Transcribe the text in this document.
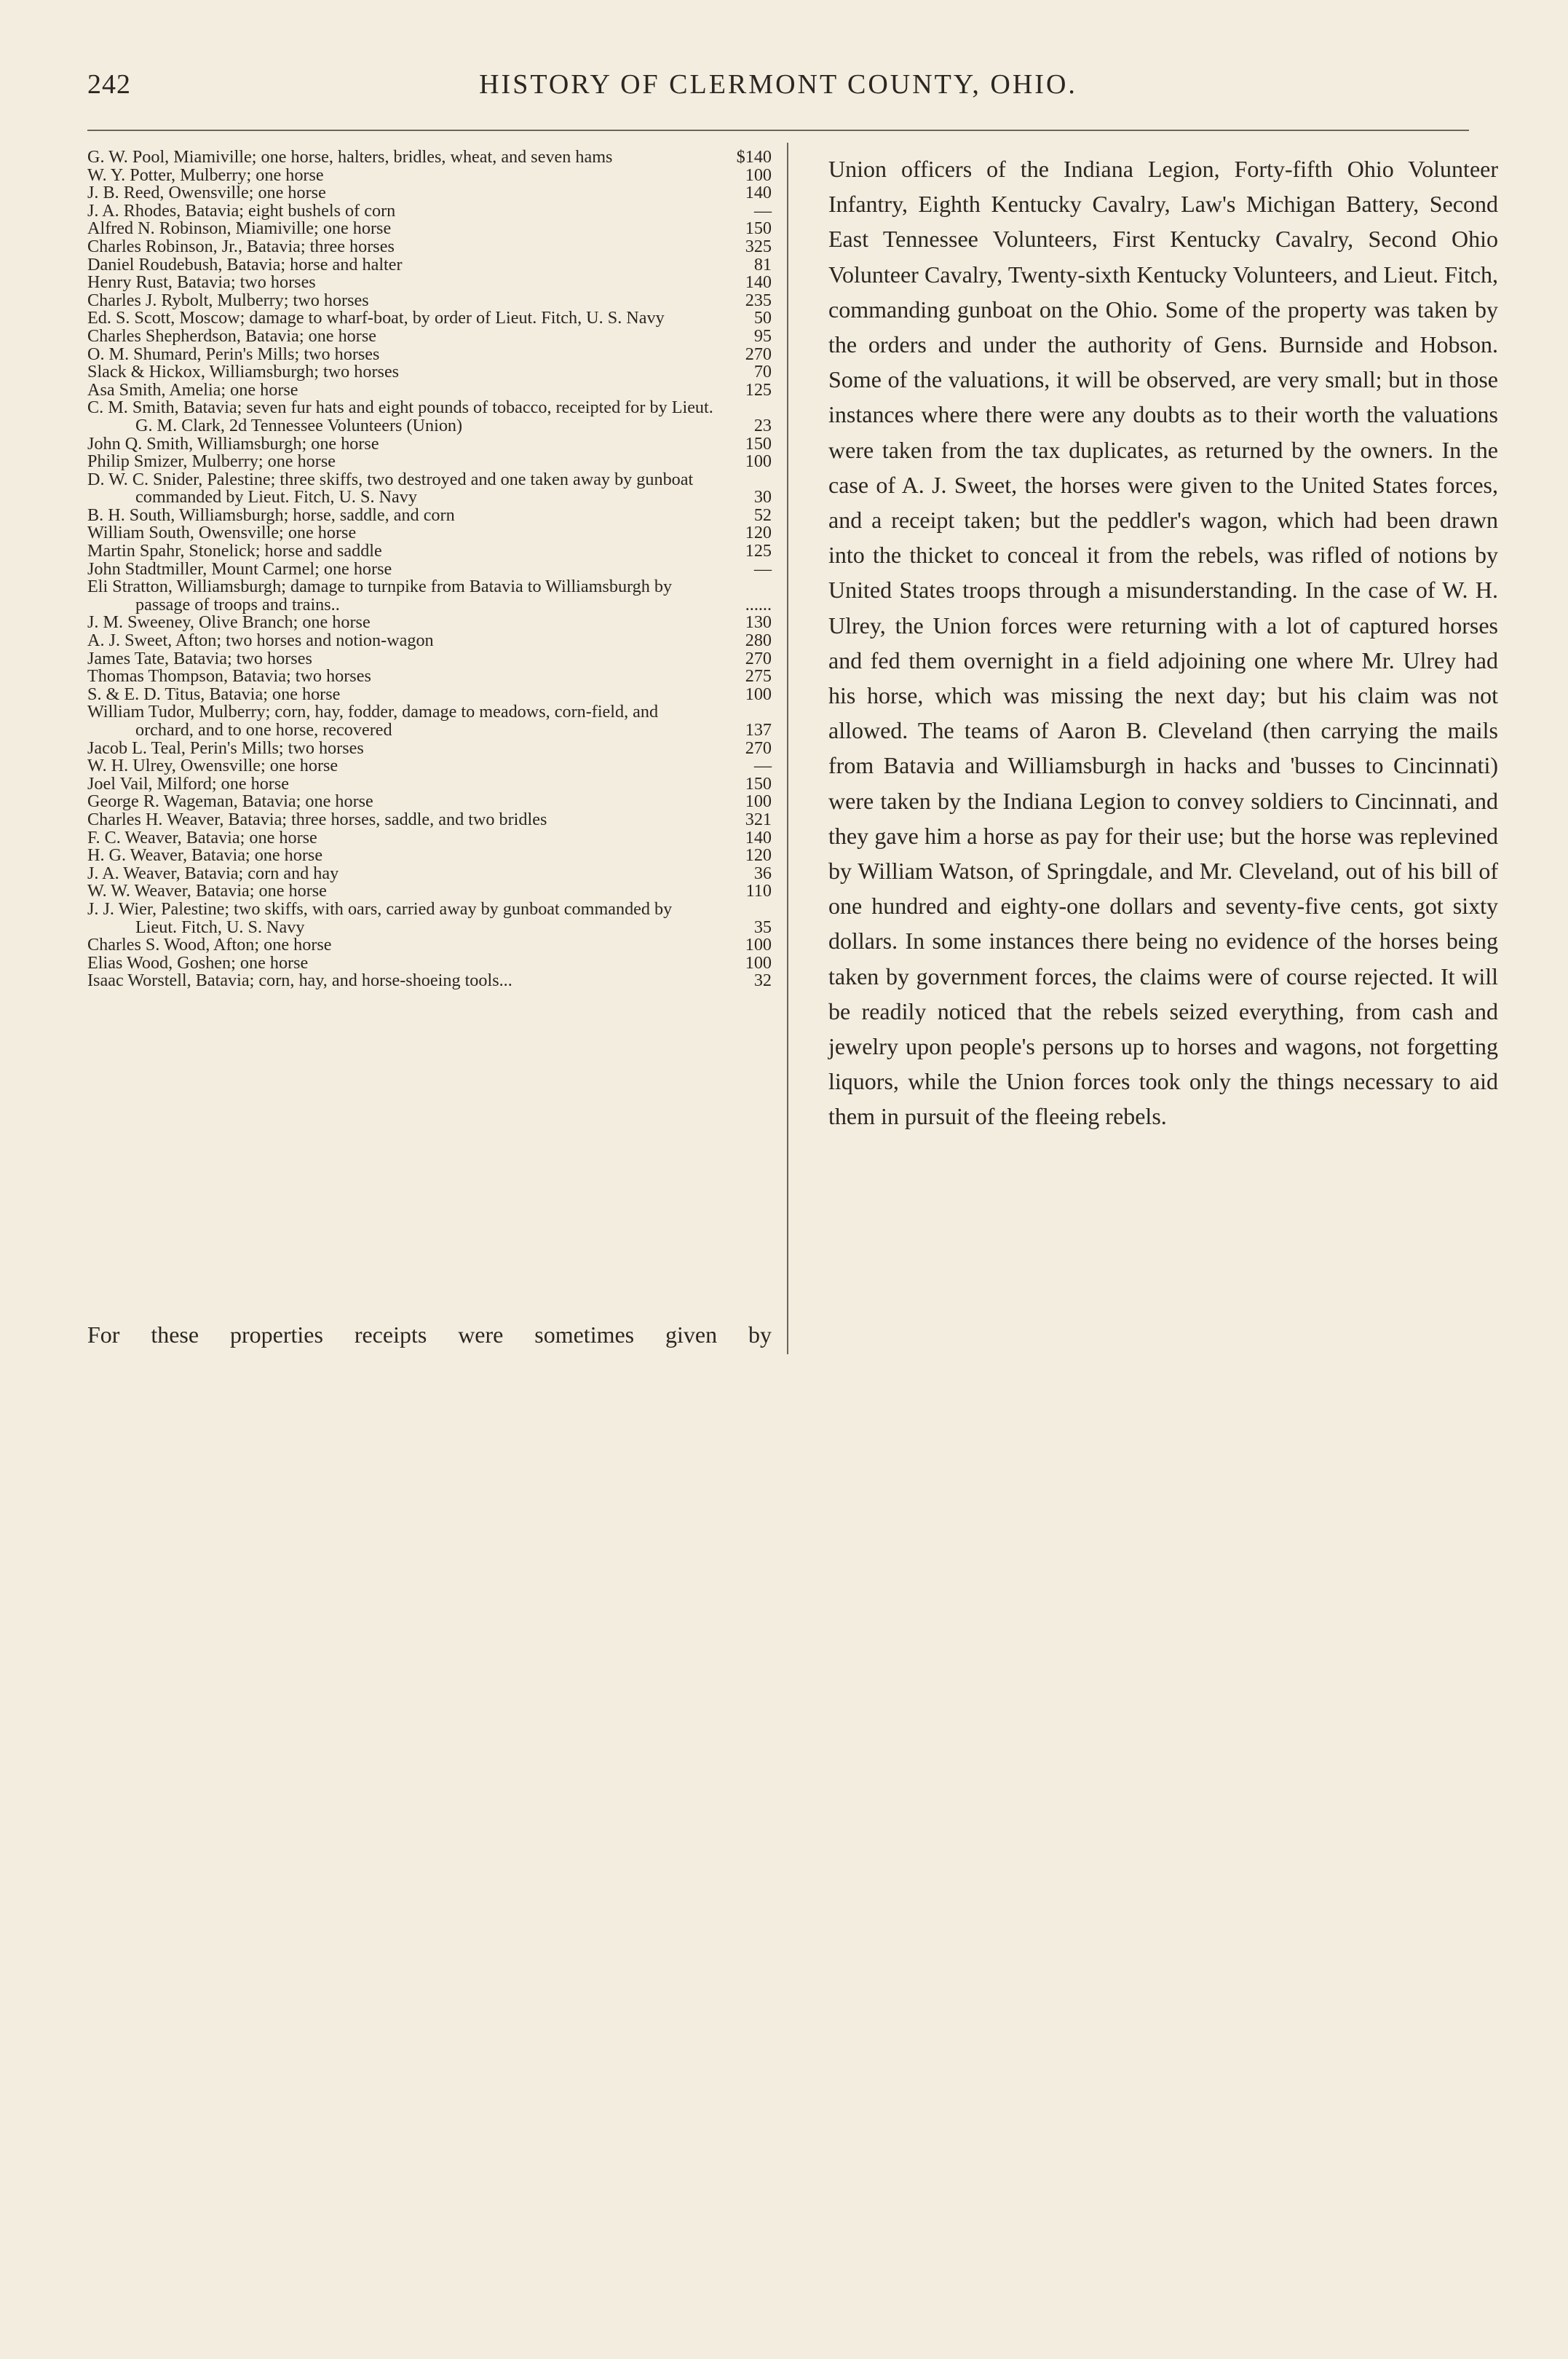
242	HISTORY OF CLERMONT COUNTY, OHIO.
G. W. Pool, Miamiville; one horse, halters, bridles, wheat, and seven hams	$140
W. Y. Potter, Mulberry; one horse	100
J. B. Reed, Owensville; one horse	140
J. A. Rhodes, Batavia; eight bushels of corn	—
Alfred N. Robinson, Miamiville; one horse	150
Charles Robinson, Jr., Batavia; three horses	325
Daniel Roudebush, Batavia; horse and halter	81
Henry Rust, Batavia; two horses	140
Charles J. Rybolt, Mulberry; two horses	235
Ed. S. Scott, Moscow; damage to wharf-boat, by order of Lieut. Fitch, U. S. Navy	50
Charles Shepherdson, Batavia; one horse	95
O. M. Shumard, Perin's Mills; two horses	270
Slack & Hickox, Williamsburgh; two horses	70
Asa Smith, Amelia; one horse	125
C. M. Smith, Batavia; seven fur hats and eight pounds of tobacco, receipted for by Lieut. G. M. Clark, 2d Tennessee Volunteers (Union)	23
John Q. Smith, Williamsburgh; one horse	150
Philip Smizer, Mulberry; one horse	100
D. W. C. Snider, Palestine; three skiffs, two destroyed and one taken away by gunboat commanded by Lieut. Fitch, U. S. Navy	30
B. H. South, Williamsburgh; horse, saddle, and corn	52
William South, Owensville; one horse	120
Martin Spahr, Stonelick; horse and saddle	125
John Stadtmiller, Mount Carmel; one horse	—
Eli Stratton, Williamsburgh; damage to turnpike from Batavia to Williamsburgh by passage of troops and trains..	......
J. M. Sweeney, Olive Branch; one horse	130
A. J. Sweet, Afton; two horses and notion-wagon	280
James Tate, Batavia; two horses	270
Thomas Thompson, Batavia; two horses	275
S. & E. D. Titus, Batavia; one horse	100
William Tudor, Mulberry; corn, hay, fodder, damage to meadows, corn-field, and orchard, and to one horse, recovered	137
Jacob L. Teal, Perin's Mills; two horses	270
W. H. Ulrey, Owensville; one horse	—
Joel Vail, Milford; one horse	150
George R. Wageman, Batavia; one horse	100
Charles H. Weaver, Batavia; three horses, saddle, and two bridles	321
F. C. Weaver, Batavia; one horse	140
H. G. Weaver, Batavia; one horse	120
J. A. Weaver, Batavia; corn and hay	36
W. W. Weaver, Batavia; one horse	110
J. J. Wier, Palestine; two skiffs, with oars, carried away by gunboat commanded by Lieut. Fitch, U. S. Navy	35
Charles S. Wood, Afton; one horse	100
Elias Wood, Goshen; one horse	100
Isaac Worstell, Batavia; corn, hay, and horse-shoeing tools...	32
For these properties receipts were sometimes given by
Union officers of the Indiana Legion, Forty-fifth Ohio Volunteer Infantry, Eighth Kentucky Cavalry, Law's Michigan Battery, Second East Tennessee Volunteers, First Kentucky Cavalry, Second Ohio Volunteer Cavalry, Twenty-sixth Kentucky Volunteers, and Lieut. Fitch, commanding gunboat on the Ohio. Some of the property was taken by the orders and under the authority of Gens. Burnside and Hobson. Some of the valuations, it will be observed, are very small; but in those instances where there were any doubts as to their worth the valuations were taken from the tax duplicates, as returned by the owners. In the case of A. J. Sweet, the horses were given to the United States forces, and a receipt taken; but the peddler's wagon, which had been drawn into the thicket to conceal it from the rebels, was rifled of notions by United States troops through a misunderstanding. In the case of W. H. Ulrey, the Union forces were returning with a lot of captured horses and fed them overnight in a field adjoining one where Mr. Ulrey had his horse, which was missing the next day; but his claim was not allowed. The teams of Aaron B. Cleveland (then carrying the mails from Batavia and Williamsburgh in hacks and 'busses to Cincinnati) were taken by the Indiana Legion to convey soldiers to Cincinnati, and they gave him a horse as pay for their use; but the horse was replevined by William Watson, of Springdale, and Mr. Cleveland, out of his bill of one hundred and eighty-one dollars and seventy-five cents, got sixty dollars. In some instances there being no evidence of the horses being taken by government forces, the claims were of course rejected. It will be readily noticed that the rebels seized everything, from cash and jewelry upon people's persons up to horses and wagons, not forgetting liquors, while the Union forces took only the things necessary to aid them in pursuit of the fleeing rebels.
